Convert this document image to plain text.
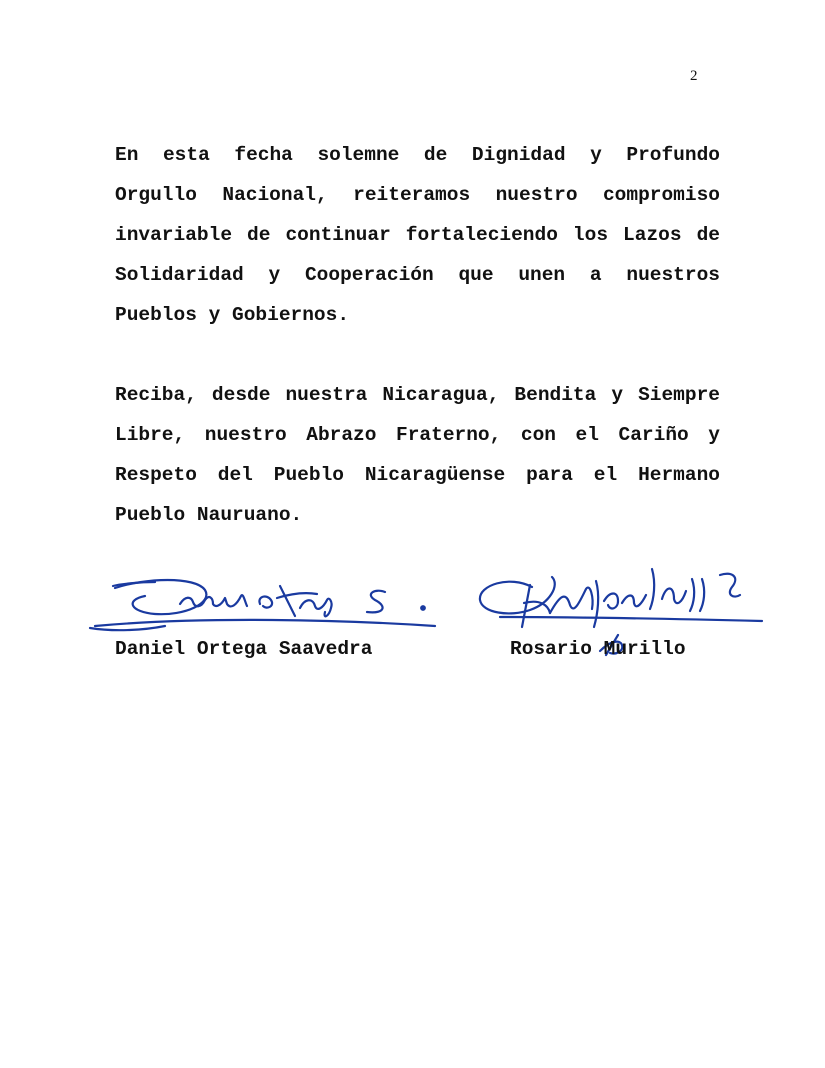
2

En esta fecha solemne de Dignidad y Profundo Orgullo Nacional, reiteramos nuestro compromiso invariable de continuar fortaleciendo los Lazos de Solidaridad y Cooperación que unen a nuestros Pueblos y Gobiernos.

Reciba, desde nuestra Nicaragua, Bendita y Siempre Libre, nuestro Abrazo Fraterno, con el Cariño y Respeto del Pueblo Nicaragüense para el Hermano Pueblo Nauruano.

Daniel Ortega Saavedra	Rosario Murillo
